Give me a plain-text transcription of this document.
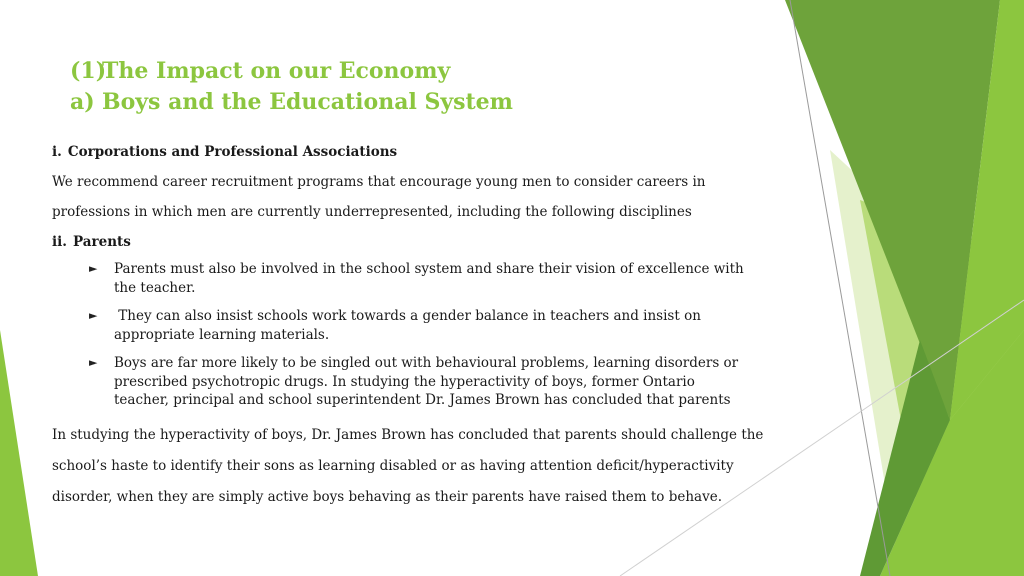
(1)The Impact on our Economy
a) Boys and the Educational System
i. Corporations and Professional Associations
We recommend career recruitment programs that encourage young men to consider careers in
professions in which men are currently underrepresented, including the following disciplines
ii. Parents
► Parents must also be involved in the school system and share their vision of excellence with the teacher.
► They can also insist schools work towards a gender balance in teachers and insist on appropriate learning materials.
► Boys are far more likely to be singled out with behavioural problems, learning disorders or prescribed psychotropic drugs. In studying the hyperactivity of boys, former Ontario teacher, principal and school superintendent Dr. James Brown has concluded that parents
In studying the hyperactivity of boys, Dr. James Brown has concluded that parents should challenge the school’s haste to identify their sons as learning disabled or as having attention deficit/hyperactivity disorder, when they are simply active boys behaving as their parents have raised them to behave.
